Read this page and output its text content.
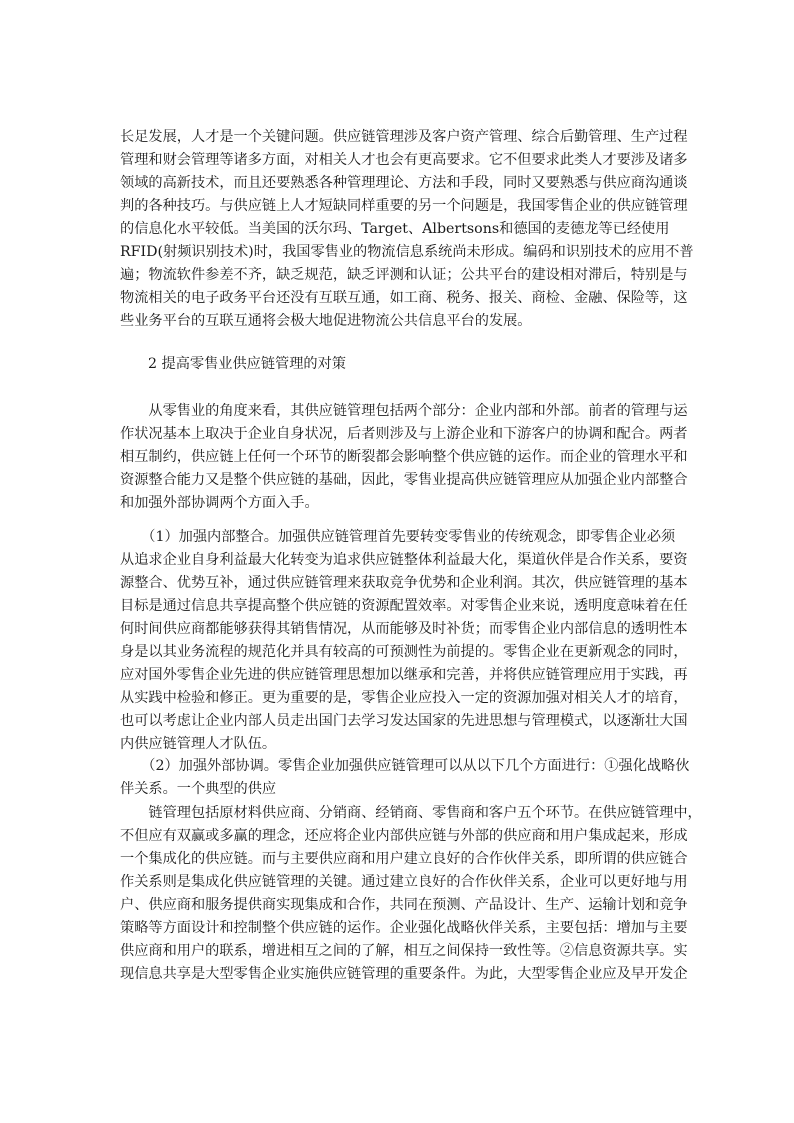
长足发展，人才是一个关键问题。供应链管理涉及客户资产管理、综合后勤管理、生产过程
管理和财会管理等诸多方面，对相关人才也会有更高要求。它不但要求此类人才要涉及诸多
领域的高新技术，而且还要熟悉各种管理理论、方法和手段，同时又要熟悉与供应商沟通谈
判的各种技巧。与供应链上人才短缺同样重要的另一个问题是，我国零售企业的供应链管理
的信息化水平较低。当美国的沃尔玛、Target、Albertsons和德国的麦德龙等已经使用
RFID(射频识别技术)时，我国零售业的物流信息系统尚未形成。编码和识别技术的应用不普
遍；物流软件参差不齐，缺乏规范，缺乏评测和认证；公共平台的建设相对滞后，特别是与
物流相关的电子政务平台还没有互联互通，如工商、税务、报关、商检、金融、保险等，这
些业务平台的互联互通将会极大地促进物流公共信息平台的发展。
2 提高零售业供应链管理的对策
　　从零售业的角度来看，其供应链管理包括两个部分：企业内部和外部。前者的管理与运
作状况基本上取决于企业自身状况，后者则涉及与上游企业和下游客户的协调和配合。两者
相互制约，供应链上任何一个环节的断裂都会影响整个供应链的运作。而企业的管理水平和
资源整合能力又是整个供应链的基础，因此，零售业提高供应链管理应从加强企业内部整合
和加强外部协调两个方面入手。
　　（1）加强内部整合。加强供应链管理首先要转变零售业的传统观念，即零售企业必须
从追求企业自身利益最大化转变为追求供应链整体利益最大化，渠道伙伴是合作关系，要资
源整合、优势互补，通过供应链管理来获取竞争优势和企业利润。其次，供应链管理的基本
目标是通过信息共享提高整个供应链的资源配置效率。对零售企业来说，透明度意味着在任
何时间供应商都能够获得其销售情况，从而能够及时补货；而零售企业内部信息的透明性本
身是以其业务流程的规范化并具有较高的可预测性为前提的。零售企业在更新观念的同时，
应对国外零售企业先进的供应链管理思想加以继承和完善，并将供应链管理应用于实践，再
从实践中检验和修正。更为重要的是，零售企业应投入一定的资源加强对相关人才的培育，
也可以考虑让企业内部人员走出国门去学习发达国家的先进思想与管理模式，以逐渐壮大国
内供应链管理人才队伍。
　　（2）加强外部协调。零售企业加强供应链管理可以从以下几个方面进行：①强化战略伙
伴关系。一个典型的供应
　　链管理包括原材料供应商、分销商、经销商、零售商和客户五个环节。在供应链管理中，
不但应有双赢或多赢的理念，还应将企业内部供应链与外部的供应商和用户集成起来，形成
一个集成化的供应链。而与主要供应商和用户建立良好的合作伙伴关系，即所谓的供应链合
作关系则是集成化供应链管理的关键。通过建立良好的合作伙伴关系，企业可以更好地与用
户、供应商和服务提供商实现集成和合作，共同在预测、产品设计、生产、运输计划和竞争
策略等方面设计和控制整个供应链的运作。企业强化战略伙伴关系，主要包括：增加与主要
供应商和用户的联系，增进相互之间的了解，相互之间保持一致性等。②信息资源共享。实
现信息共享是大型零售企业实施供应链管理的重要条件。为此，大型零售企业应及早开发企
